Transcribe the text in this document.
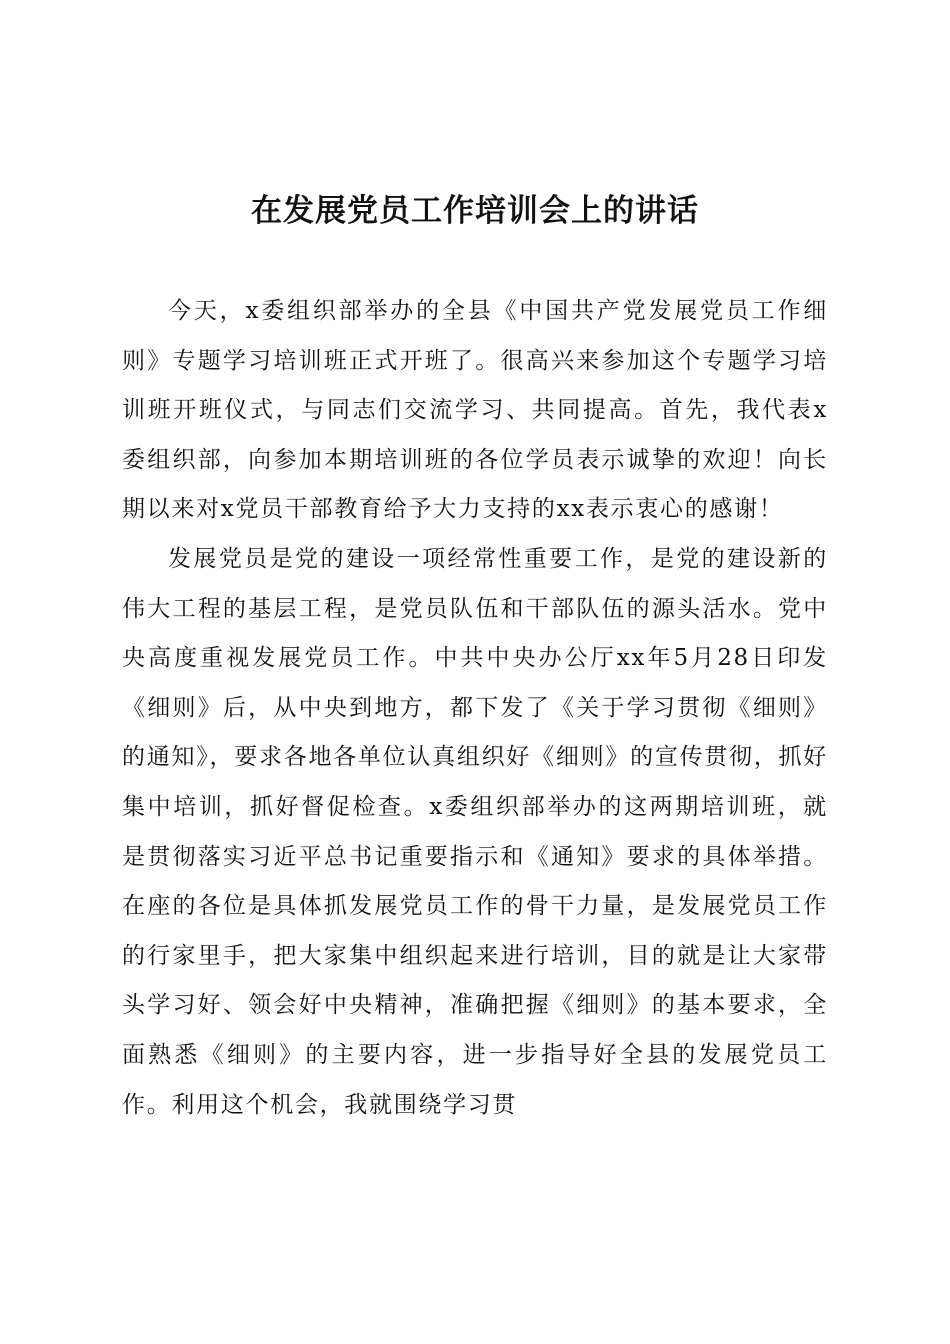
在发展党员工作培训会上的讲话

今天，x委组织部举办的全县《中国共产党发展党员工作细则》专题学习培训班正式开班了。很高兴来参加这个专题学习培训班开班仪式，与同志们交流学习、共同提高。首先，我代表x委组织部，向参加本期培训班的各位学员表示诚挚的欢迎！向长期以来对x党员干部教育给予大力支持的xx表示衷心的感谢！

发展党员是党的建设一项经常性重要工作，是党的建设新的伟大工程的基层工程，是党员队伍和干部队伍的源头活水。党中央高度重视发展党员工作。中共中央办公厅xx年5月28日印发《细则》后，从中央到地方，都下发了《关于学习贯彻《细则》的通知》，要求各地各单位认真组织好《细则》的宣传贯彻，抓好集中培训，抓好督促检查。x委组织部举办的这两期培训班，就是贯彻落实习近平总书记重要指示和《通知》要求的具体举措。在座的各位是具体抓发展党员工作的骨干力量，是发展党员工作的行家里手，把大家集中组织起来进行培训，目的就是让大家带头学习好、领会好中央精神，准确把握《细则》的基本要求，全面熟悉《细则》的主要内容，进一步指导好全县的发展党员工作。利用这个机会，我就围绕学习贯
